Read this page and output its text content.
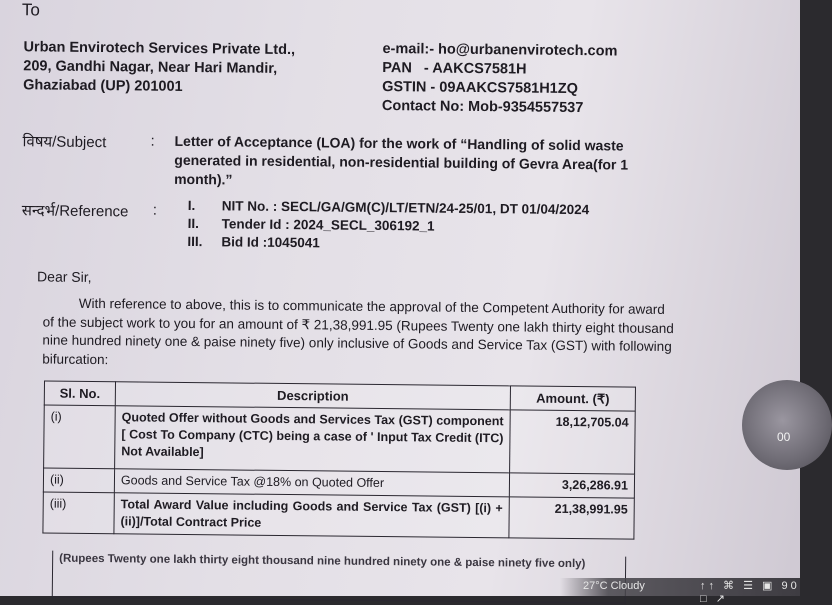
To
Urban Envirotech Services Private Ltd.,
209, Gandhi Nagar, Near Hari Mandir,
Ghaziabad (UP) 201001
e-mail:- ho@urbanenvirotech.com
PAN   - AAKCS7581H
GSTIN - 09AAKCS7581H1ZQ
Contact No: Mob-9354557537
विषय/Subject	: Letter of Acceptance (LOA) for the work of “Handling of solid waste generated in residential, non-residential building of Gevra Area(for 1 month).”
सन्दर्भ/Reference : I. NIT No. : SECL/GA/GM(C)/LT/ETN/24-25/01, DT 01/04/2024
II. Tender Id : 2024_SECL_306192_1
III. Bid Id :1045041
Dear Sir,
With reference to above, this is to communicate the approval of the Competent Authority for award of the subject work to you for an amount of ₹ 21,38,991.95 (Rupees Twenty one lakh thirty eight thousand nine hundred ninety one & paise ninety five) only inclusive of Goods and Service Tax (GST) with following bifurcation:
Sl. No.	Description	Amount. (₹)
(i)	Quoted Offer without Goods and Services Tax (GST) component [ Cost To Company (CTC) being a case of ' Input Tax Credit (ITC) Not Available]	18,12,705.04
(ii)	Goods and Service Tax @18% on Quoted Offer	3,26,286.91
(iii)	Total Award Value including Goods and Service Tax (GST) [(i) + (ii)]/Total Contract Price	21,38,991.95
(Rupees Twenty one lakh thirty eight thousand nine hundred ninety one & paise ninety five only)
00
27°C Cloudy	↑↑ ⌘ ☰ ▣ 90 □ ↗
